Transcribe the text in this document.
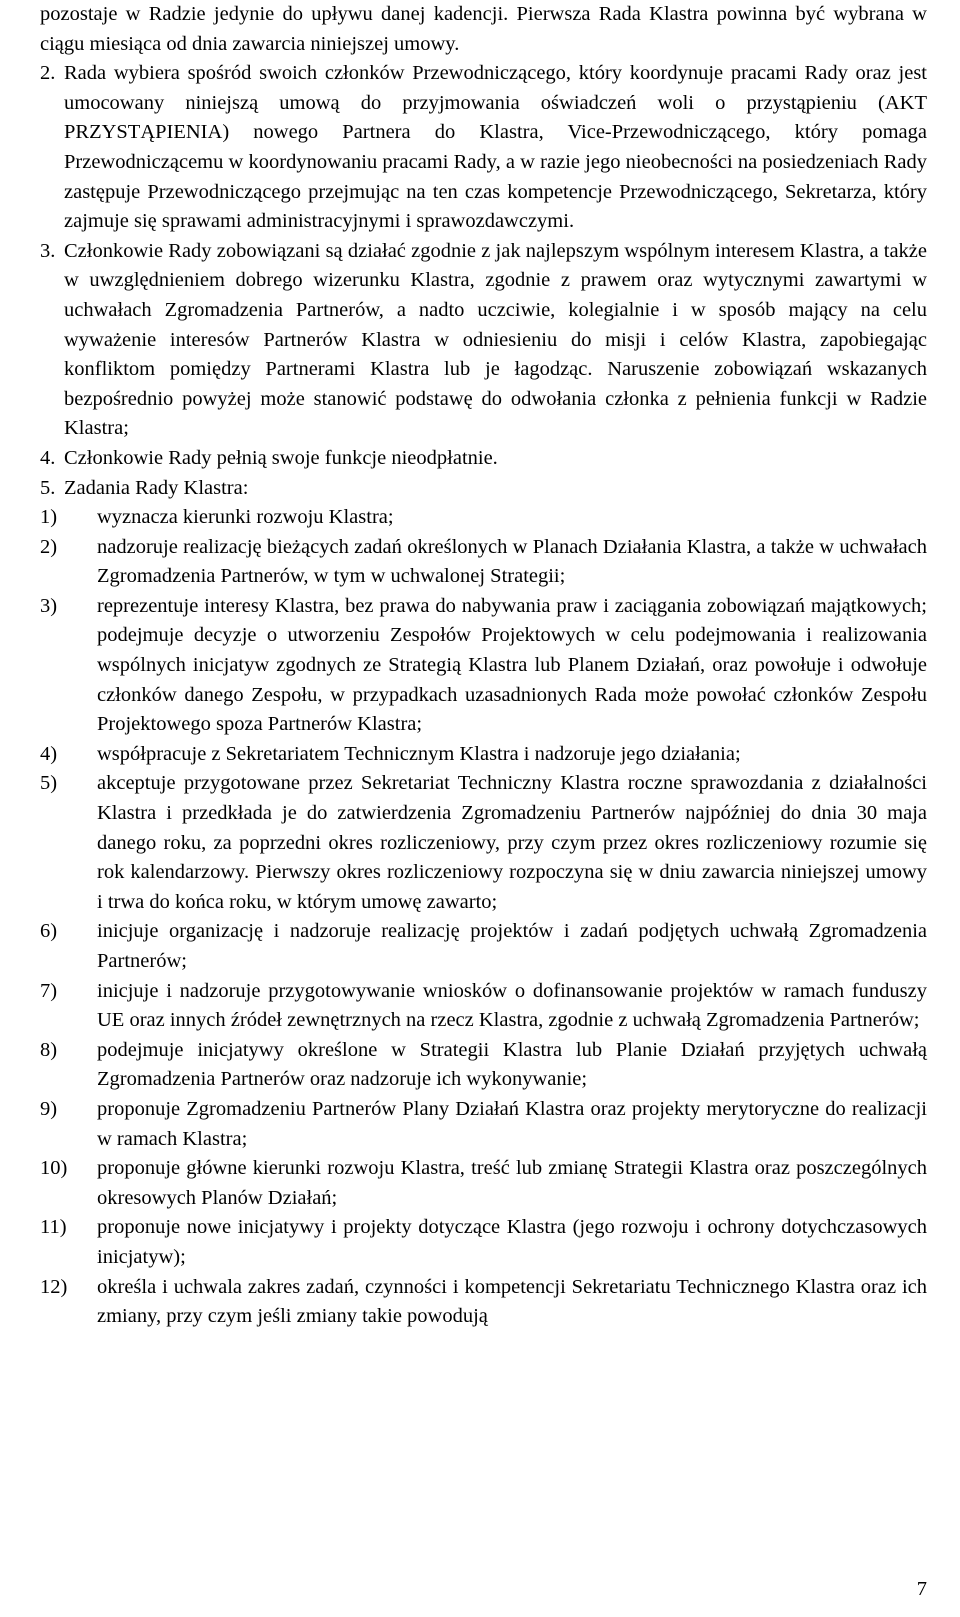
pozostaje w Radzie jedynie do upływu danej kadencji. Pierwsza Rada Klastra powinna być wybrana w ciągu miesiąca od dnia zawarcia niniejszej umowy.

2. Rada wybiera spośród swoich członków Przewodniczącego, który koordynuje pracami Rady oraz jest umocowany niniejszą umową do przyjmowania oświadczeń woli o przystąpieniu (AKT PRZYSTĄPIENIA) nowego Partnera do Klastra, Vice-Przewodniczącego, który pomaga Przewodniczącemu w koordynowaniu pracami Rady, a w razie jego nieobecności na posiedzeniach Rady zastępuje Przewodniczącego przejmując na ten czas kompetencje Przewodniczącego, Sekretarza, który zajmuje się sprawami administracyjnymi i sprawozdawczymi.
3. Członkowie Rady zobowiązani są działać zgodnie z jak najlepszym wspólnym interesem Klastra, a także w uwzględnieniem dobrego wizerunku Klastra, zgodnie z prawem oraz wytycznymi zawartymi w uchwałach Zgromadzenia Partnerów, a nadto uczciwie, kolegialnie i w sposób mający na celu wyważenie interesów Partnerów Klastra w odniesieniu do misji i celów Klastra, zapobiegając konfliktom pomiędzy Partnerami Klastra lub je łagodząc. Naruszenie zobowiązań wskazanych bezpośrednio powyżej może stanowić podstawę do odwołania członka z pełnienia funkcji w Radzie Klastra;
4. Członkowie Rady pełnią swoje funkcje nieodpłatnie.
5. Zadania Rady Klastra:
1)	wyznacza kierunki rozwoju Klastra;
2)	nadzoruje realizację bieżących zadań określonych w Planach Działania Klastra, a także w uchwałach Zgromadzenia Partnerów, w tym w uchwalonej Strategii;
3)	reprezentuje interesy Klastra, bez prawa do nabywania praw i zaciągania zobowiązań majątkowych; podejmuje decyzje o utworzeniu Zespołów Projektowych w celu podejmowania i realizowania wspólnych inicjatyw zgodnych ze Strategią Klastra lub Planem Działań, oraz powołuje i odwołuje członków danego Zespołu, w przypadkach uzasadnionych Rada może powołać członków Zespołu Projektowego spoza Partnerów Klastra;
4)	współpracuje z Sekretariatem Technicznym Klastra i nadzoruje jego działania;
5)	akceptuje przygotowane przez Sekretariat Techniczny Klastra roczne sprawozdania z działalności Klastra i przedkłada je do zatwierdzenia Zgromadzeniu Partnerów najpóźniej do dnia 30 maja danego roku, za poprzedni okres rozliczeniowy, przy czym przez okres rozliczeniowy rozumie się rok kalendarzowy. Pierwszy okres rozliczeniowy rozpoczyna się w dniu zawarcia niniejszej umowy i trwa do końca roku, w którym umowę zawarto;
6)	inicjuje organizację i nadzoruje realizację projektów i zadań podjętych uchwałą Zgromadzenia Partnerów;
7)	inicjuje i nadzoruje przygotowywanie wniosków o dofinansowanie projektów w ramach funduszy UE oraz innych źródeł zewnętrznych na rzecz Klastra, zgodnie z uchwałą Zgromadzenia Partnerów;
8)	podejmuje inicjatywy określone w Strategii Klastra lub Planie Działań przyjętych uchwałą Zgromadzenia Partnerów oraz nadzoruje ich wykonywanie;
9)	proponuje Zgromadzeniu Partnerów Plany Działań Klastra oraz projekty merytoryczne do realizacji w ramach Klastra;
10)	proponuje główne kierunki rozwoju Klastra, treść lub zmianę Strategii Klastra oraz poszczególnych okresowych Planów Działań;
11)	proponuje nowe inicjatywy i projekty dotyczące Klastra (jego rozwoju i ochrony dotychczasowych inicjatyw);
12)	określa i uchwala zakres zadań, czynności i kompetencji Sekretariatu Technicznego Klastra oraz ich zmiany, przy czym jeśli zmiany takie powodują
7
